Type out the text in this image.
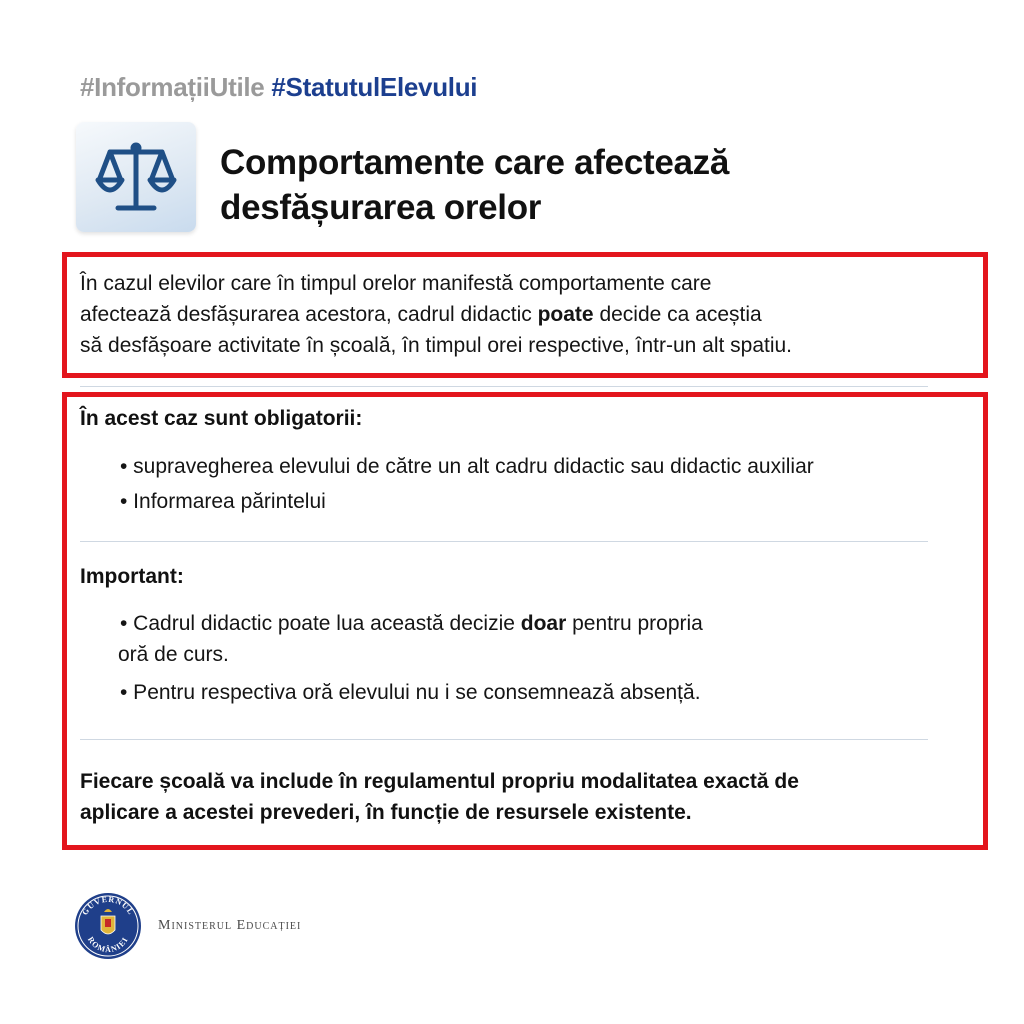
#InformațiiUtile #StatutulElevului
Comportamente care afectează
desfășurarea orelor
În cazul elevilor care în timpul orelor manifestă comportamente care
afectează desfășurarea acestora, cadrul didactic poate decide ca aceștia
să desfășoare activitate în școală, în timpul orei respective, într-un alt spatiu.
În acest caz sunt obligatorii:
• supravegherea elevului de către un alt cadru didactic sau didactic auxiliar
• Informarea părintelui
Important:
• Cadrul didactic poate lua această decizie doar pentru propria
oră de curs.
• Pentru respectiva oră elevului nu i se consemnează absență.
Fiecare școală va include în regulamentul propriu modalitatea exactă de
aplicare a acestei prevederi, în funcție de resursele existente.
GUVERNUL
ROMÂNIEI
Ministerul Educației
